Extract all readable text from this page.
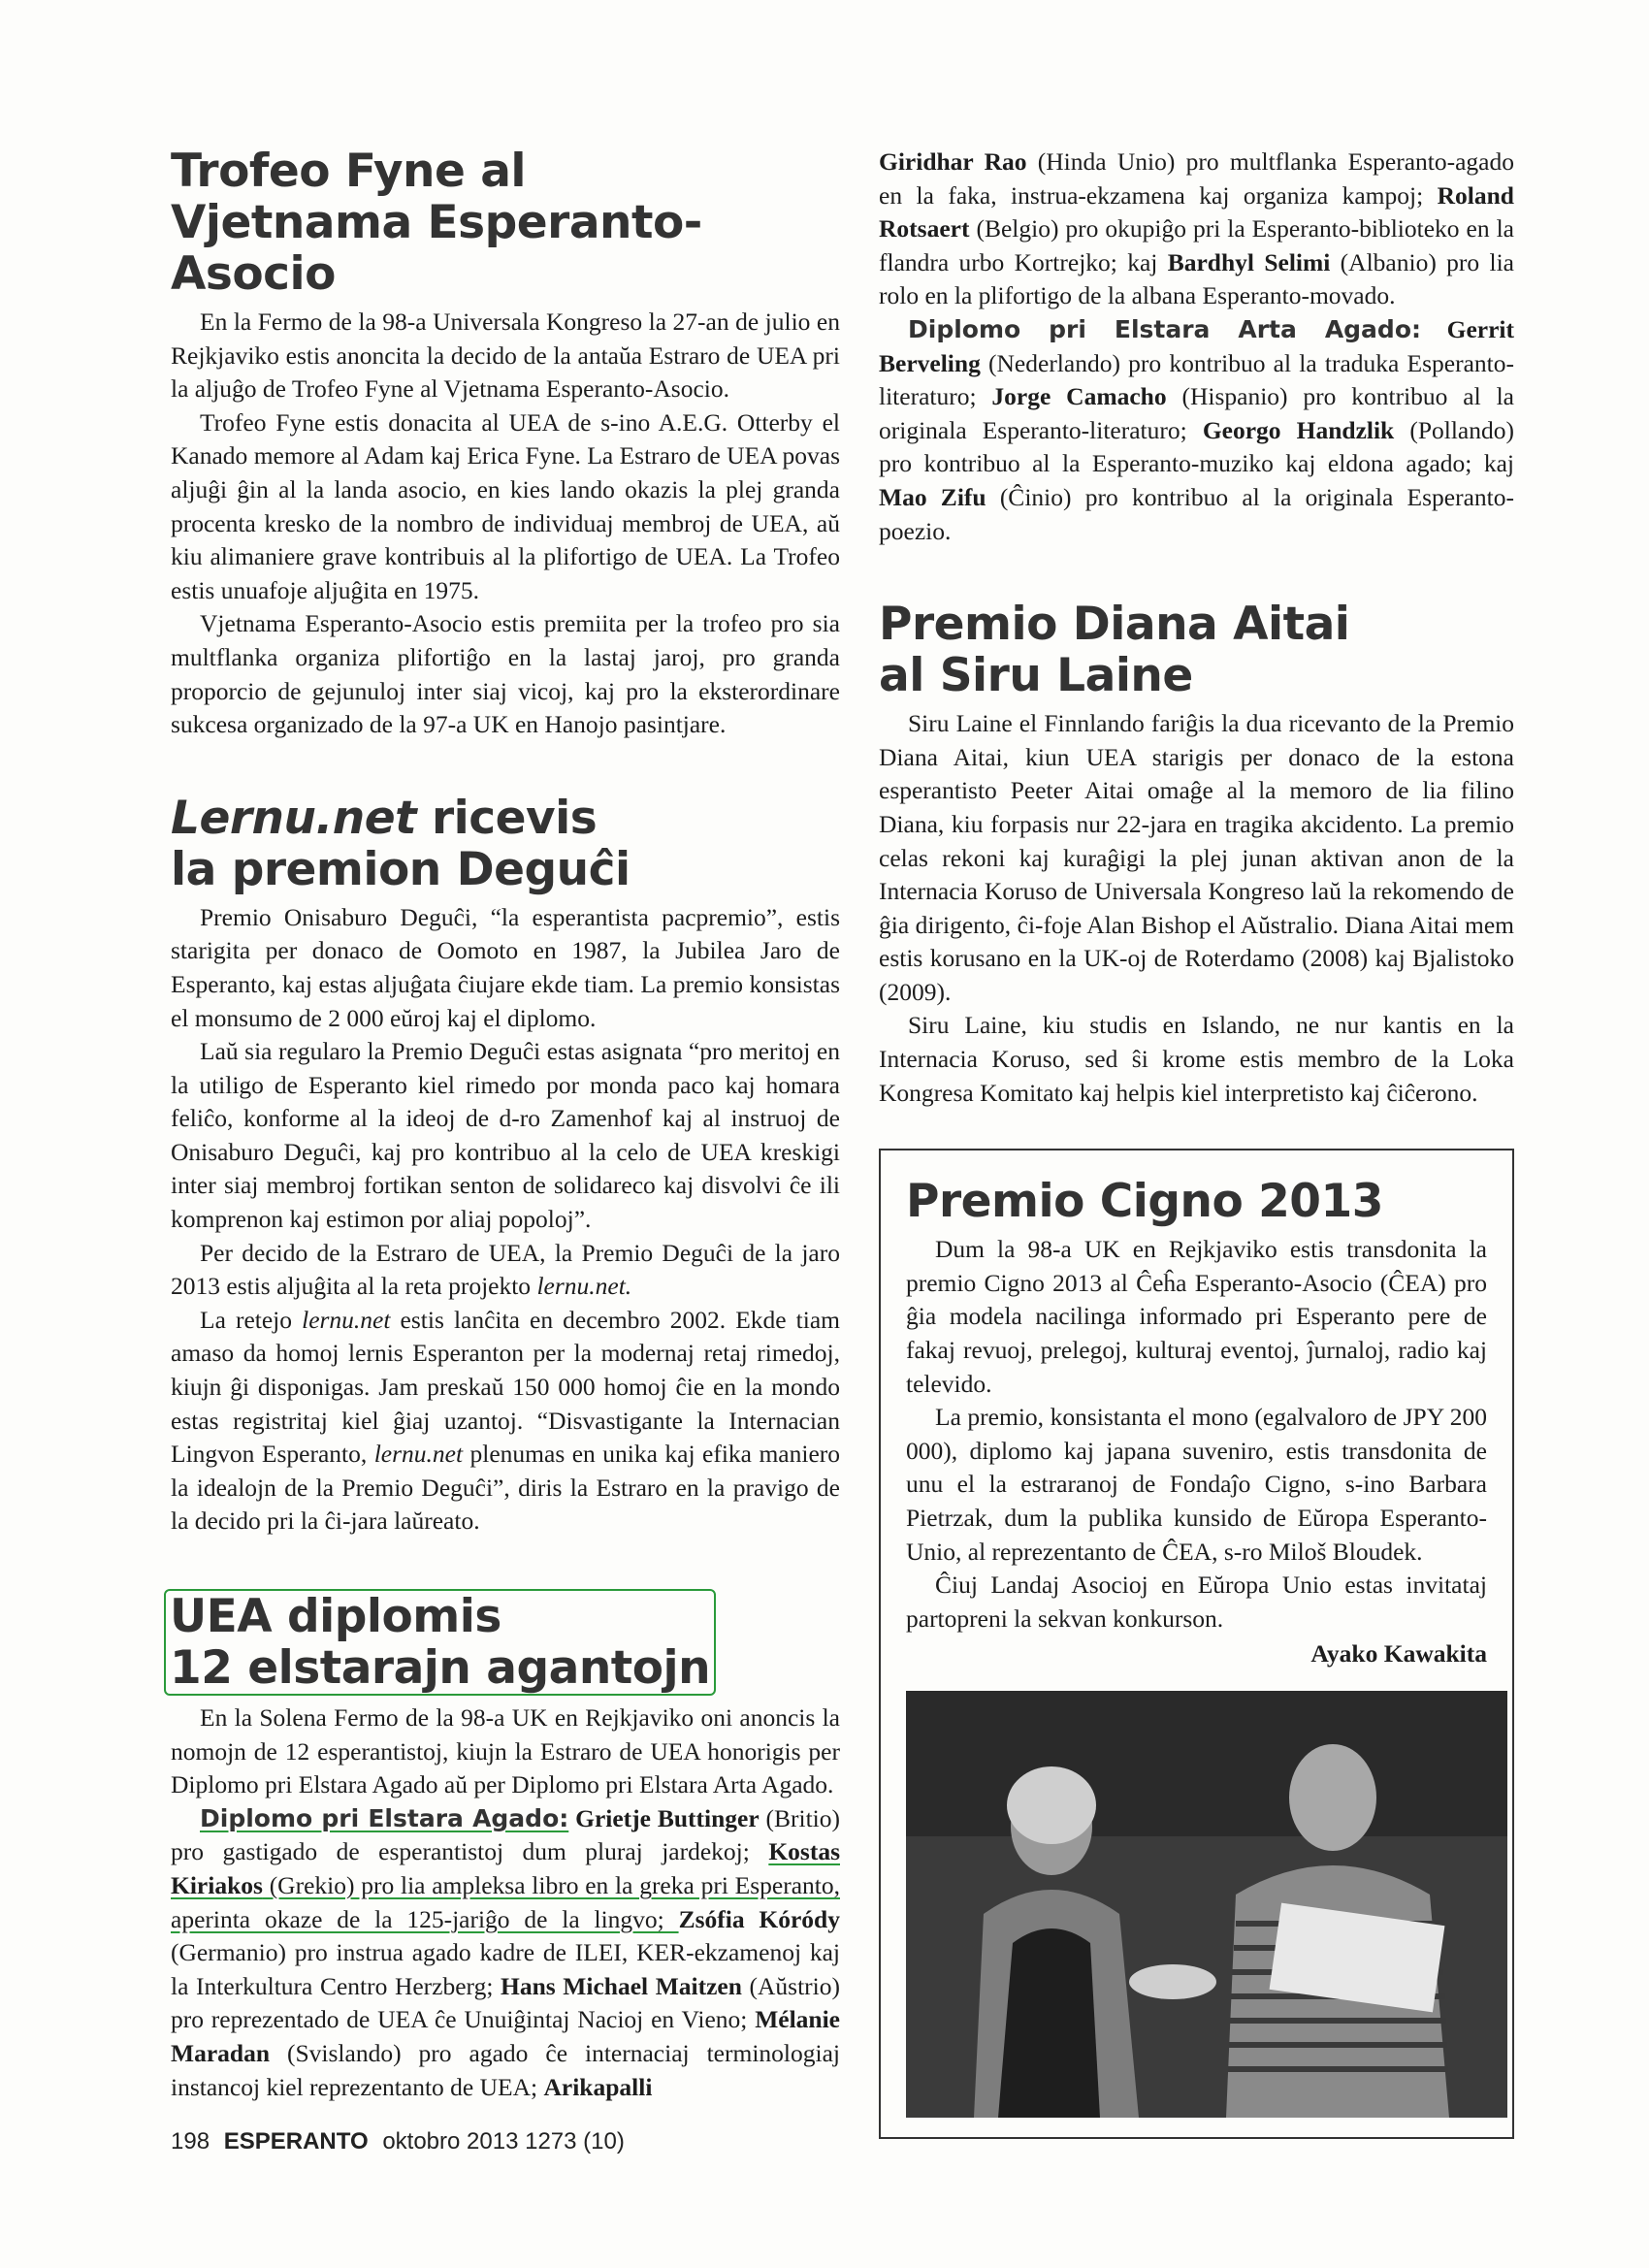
Trofeo Fyne al
Vjetnama Esperanto-Asocio

En la Fermo de la 98-a Universala Kongreso la 27-an de julio en Rejkjaviko estis anoncita la decido de la antaŭa Estraro de UEA pri la aljuĝo de Trofeo Fyne al Vjetnama Esperanto-Asocio.

Trofeo Fyne estis donacita al UEA de s-ino A.E.G. Otterby el Kanado memore al Adam kaj Erica Fyne. La Estraro de UEA povas aljuĝi ĝin al la landa asocio, en kies lando okazis la plej granda procenta kresko de la nombro de individuaj membroj de UEA, aŭ kiu alimaniere grave kontribuis al la plifortigo de UEA. La Trofeo estis unuafoje aljuĝita en 1975.

Vjetnama Esperanto-Asocio estis premiita per la trofeo pro sia multflanka organiza plifortiĝo en la lastaj jaroj, pro granda proporcio de gejunuloj inter siaj vicoj, kaj pro la eksterordinare sukcesa organizado de la 97-a UK en Hanojo pasintjare.

Lernu.net ricevis
la premion Deguĉi

Premio Onisaburo Deguĉi, “la esperantista pacpremio”, estis starigita per donaco de Oomoto en 1987, la Jubilea Jaro de Esperanto, kaj estas aljuĝata ĉiujare ekde tiam. La premio konsistas el monsumo de 2 000 eŭroj kaj el diplomo.

Laŭ sia regularo la Premio Deguĉi estas asignata “pro meritoj en la utiligo de Esperanto kiel rimedo por monda paco kaj homara feliĉo, konforme al la ideoj de d-ro Zamenhof kaj al instruoj de Onisaburo Deguĉi, kaj pro kontribuo al la celo de UEA kreskigi inter siaj membroj fortikan senton de solidareco kaj disvolvi ĉe ili komprenon kaj estimon por aliaj popoloj”.

Per decido de la Estraro de UEA, la Premio Deguĉi de la jaro 2013 estis aljuĝita al la reta projekto lernu.net.

La retejo lernu.net estis lanĉita en decembro 2002. Ekde tiam amaso da homoj lernis Esperanton per la modernaj retaj rimedoj, kiujn ĝi disponigas. Jam preskaŭ 150 000 homoj ĉie en la mondo estas registritaj kiel ĝiaj uzantoj. “Disvastigante la Internacian Lingvon Esperanto, lernu.net plenumas en unika kaj efika maniero la idealojn de la Premio Deguĉi”, diris la Estraro en la pravigo de la decido pri la ĉi-jara laŭreato.

UEA diplomis
12 elstarajn agantojn

En la Solena Fermo de la 98-a UK en Rejkjaviko oni anoncis la nomojn de 12 esperantistoj, kiujn la Estraro de UEA honorigis per Diplomo pri Elstara Agado aŭ per Diplomo pri Elstara Arta Agado.

Diplomo pri Elstara Agado: Grietje Buttinger (Britio) pro gastigado de esperantistoj dum pluraj jardekoj; Kostas Kiriakos (Grekio) pro lia ampleksa libro en la greka pri Esperanto, aperinta okaze de la 125-jariĝo de la lingvo; Zsófia Kóródy (Germanio) pro instrua agado kadre de ILEI, KER-ekzamenoj kaj la Interkultura Centro Herzberg; Hans Michael Maitzen (Aŭstrio) pro reprezentado de UEA ĉe Unuiĝintaj Nacioj en Vieno; Mélanie Maradan (Svislando) pro agado ĉe internaciaj terminologiaj instancoj kiel reprezentanto de UEA; Arikapalli

Giridhar Rao (Hinda Unio) pro multflanka Esperanto-agado en la faka, instrua-ekzamena kaj organiza kampoj; Roland Rotsaert (Belgio) pro okupiĝo pri la Esperanto-biblioteko en la flandra urbo Kortrejko; kaj Bardhyl Selimi (Albanio) pro lia rolo en la plifortigo de la albana Esperanto-movado.

Diplomo pri Elstara Arta Agado: Gerrit Berveling (Nederlando) pro kontribuo al la traduka Esperanto-literaturo; Jorge Camacho (Hispanio) pro kontribuo al la originala Esperanto-literaturo; Georgo Handzlik (Pollando) pro kontribuo al la Esperanto-muziko kaj eldona agado; kaj Mao Zifu (Ĉinio) pro kontribuo al la originala Esperanto-poezio.

Premio Diana Aitai
al Siru Laine

Siru Laine el Finnlando fariĝis la dua ricevanto de la Premio Diana Aitai, kiun UEA starigis per donaco de la estona esperantisto Peeter Aitai omaĝe al la memoro de lia filino Diana, kiu forpasis nur 22-jara en tragika akcidento. La premio celas rekoni kaj kuraĝigi la plej junan aktivan anon de la Internacia Koruso de Universala Kongreso laŭ la rekomendo de ĝia dirigento, ĉi-foje Alan Bishop el Aŭstralio. Diana Aitai mem estis korusano en la UK-oj de Roterdamo (2008) kaj Bjalistoko (2009).

Siru Laine, kiu studis en Islando, ne nur kantis en la Internacia Koruso, sed ŝi krome estis membro de la Loka Kongresa Komitato kaj helpis kiel interpretisto kaj ĉiĉerono.

Premio Cigno 2013

Dum la 98-a UK en Rejkjaviko estis transdonita la premio Cigno 2013 al Ĉeĥa Esperanto-Asocio (ĈEA) pro ĝia modela nacilinga informado pri Esperanto pere de fakaj revuoj, prelegoj, kulturaj eventoj, ĵurnaloj, radio kaj televido.

La premio, konsistanta el mono (egalvaloro de JPY 200 000), diplomo kaj japana suveniro, estis transdonita de unu el la estraranoj de Fondaĵo Cigno, s-ino Barbara Pietrzak, dum la publika kunsido de Eŭropa Esperanto-Unio, al reprezentanto de ĈEA, s-ro Miloš Bloudek.

Ĉiuj Landaj Asocioj en Eŭropa Unio estas invitataj partopreni la sekvan konkurson.

Ayako Kawakita

198 ESPERANTO oktobro 2013 1273 (10)
